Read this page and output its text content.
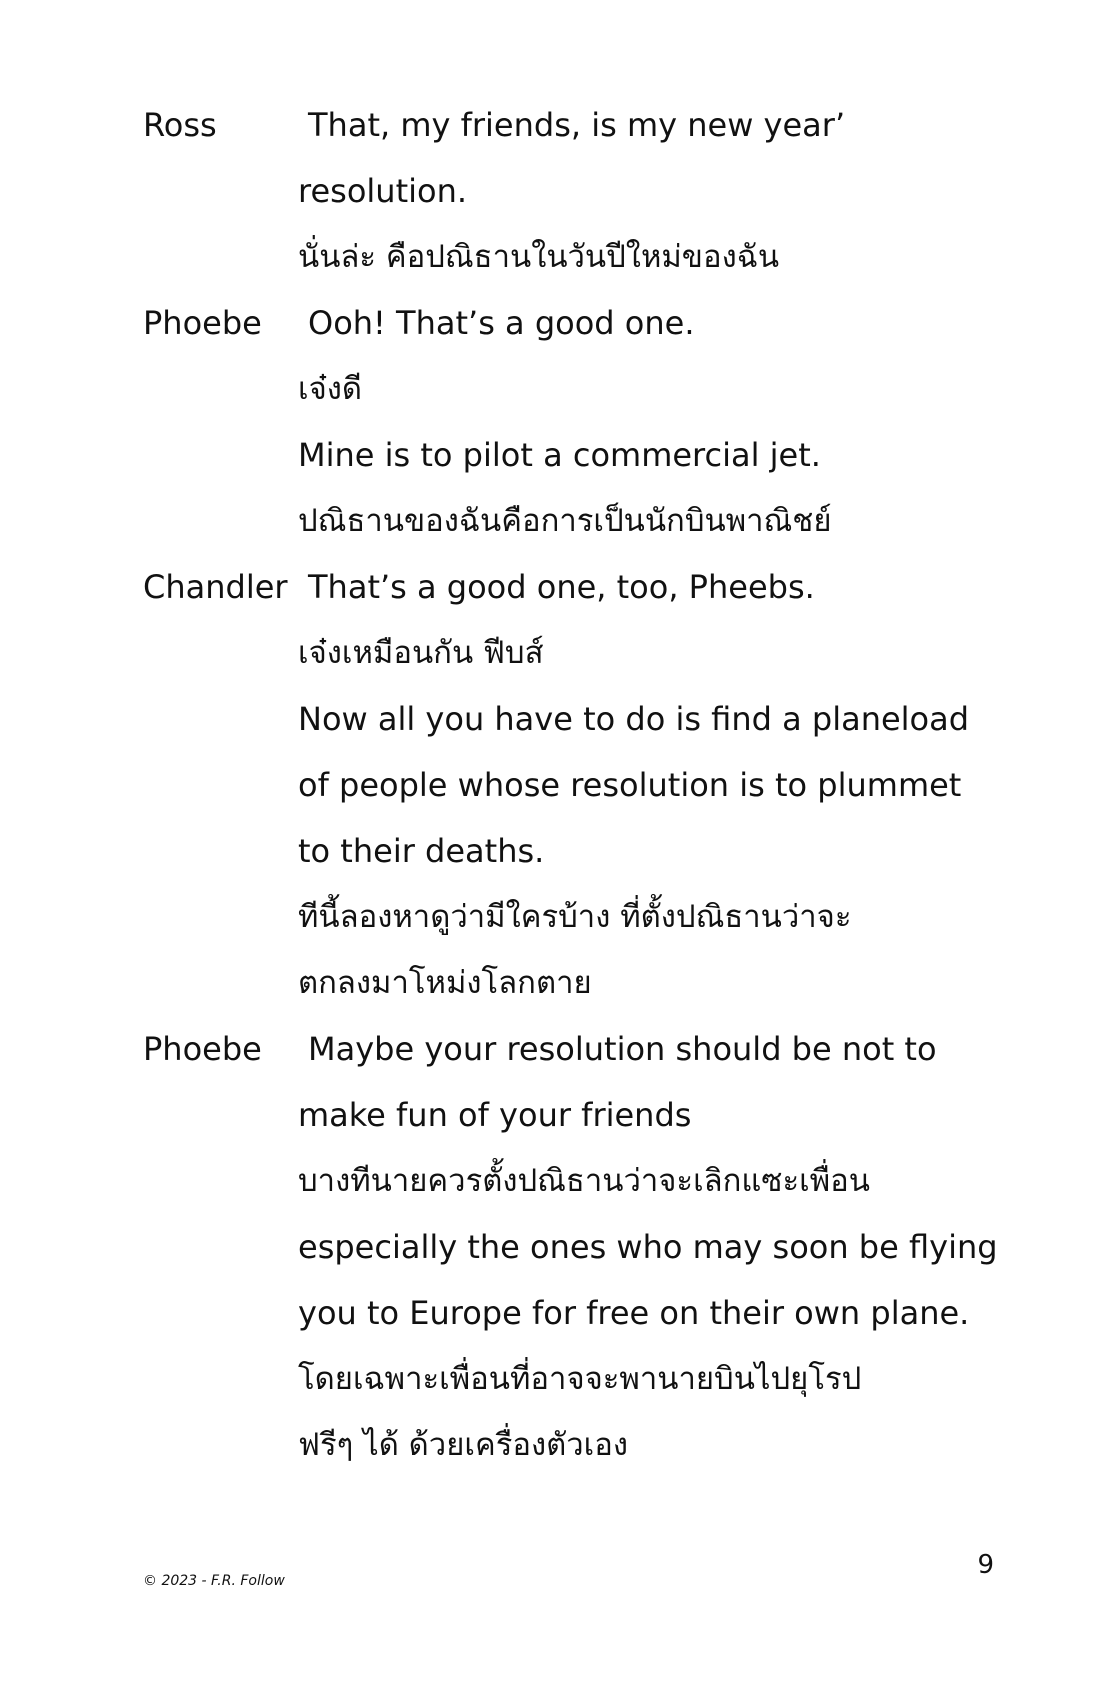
Ross	That, my friends, is my new year’
resolution.
นั่นล่ะ คือปณิธานในวันปีใหม่ของฉัน
Phoebe	Ooh! That’s a good one.
เจ๋งดี
Mine is to pilot a commercial jet.
ปณิธานของฉันคือการเป็นนักบินพาณิชย์
Chandler That’s a good one, too, Pheebs.
เจ๋งเหมือนกัน ฟีบส์
Now all you have to do is find a planeload
of people whose resolution is to plummet
to their deaths.
ทีนี้ลองหาดูว่ามีใครบ้าง ที่ตั้งปณิธานว่าจะ
ตกลงมาโหม่งโลกตาย
Phoebe	Maybe your resolution should be not to
make fun of your friends
บางทีนายควรตั้งปณิธานว่าจะเลิกแซะเพื่อน
especially the ones who may soon be flying
you to Europe for free on their own plane.
โดยเฉพาะเพื่อนที่อาจจะพานายบินไปยุโรป
ฟรีๆ ได้ ด้วยเครื่องตัวเอง
© 2023 - F.R. Follow
9
